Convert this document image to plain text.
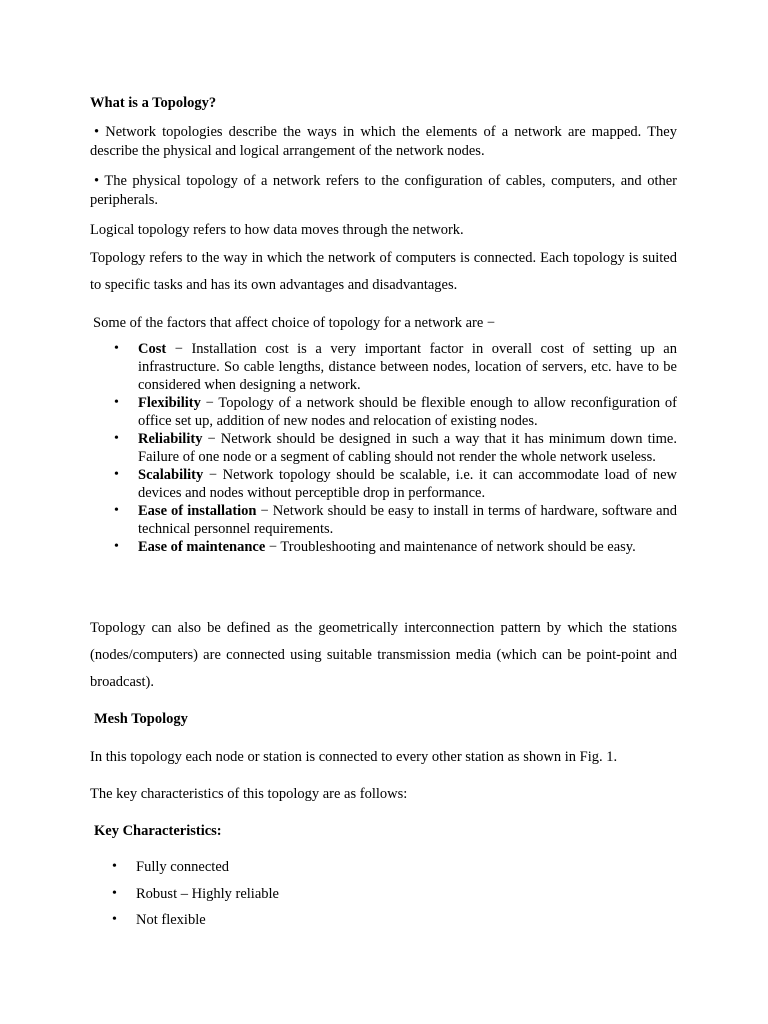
What is a Topology?

• Network topologies describe the ways in which the elements of a network are mapped. They describe the physical and logical arrangement of the network nodes.

• The physical topology of a network refers to the configuration of cables, computers, and other peripherals.

Logical topology refers to how data moves through the network.

Topology refers to the way in which the network of computers is connected. Each topology is suited to specific tasks and has its own advantages and disadvantages.

Some of the factors that affect choice of topology for a network are −

• Cost − Installation cost is a very important factor in overall cost of setting up an infrastructure. So cable lengths, distance between nodes, location of servers, etc. have to be considered when designing a network.
• Flexibility − Topology of a network should be flexible enough to allow reconfiguration of office set up, addition of new nodes and relocation of existing nodes.
• Reliability − Network should be designed in such a way that it has minimum down time. Failure of one node or a segment of cabling should not render the whole network useless.
• Scalability − Network topology should be scalable, i.e. it can accommodate load of new devices and nodes without perceptible drop in performance.
• Ease of installation − Network should be easy to install in terms of hardware, software and technical personnel requirements.
• Ease of maintenance − Troubleshooting and maintenance of network should be easy.

Topology can also be defined as the geometrically interconnection pattern by which the stations (nodes/computers) are connected using suitable transmission media (which can be point-point and broadcast).

Mesh Topology

In this topology each node or station is connected to every other station as shown in Fig. 1.

The key characteristics of this topology are as follows:

Key Characteristics:

• Fully connected
• Robust – Highly reliable
• Not flexible
